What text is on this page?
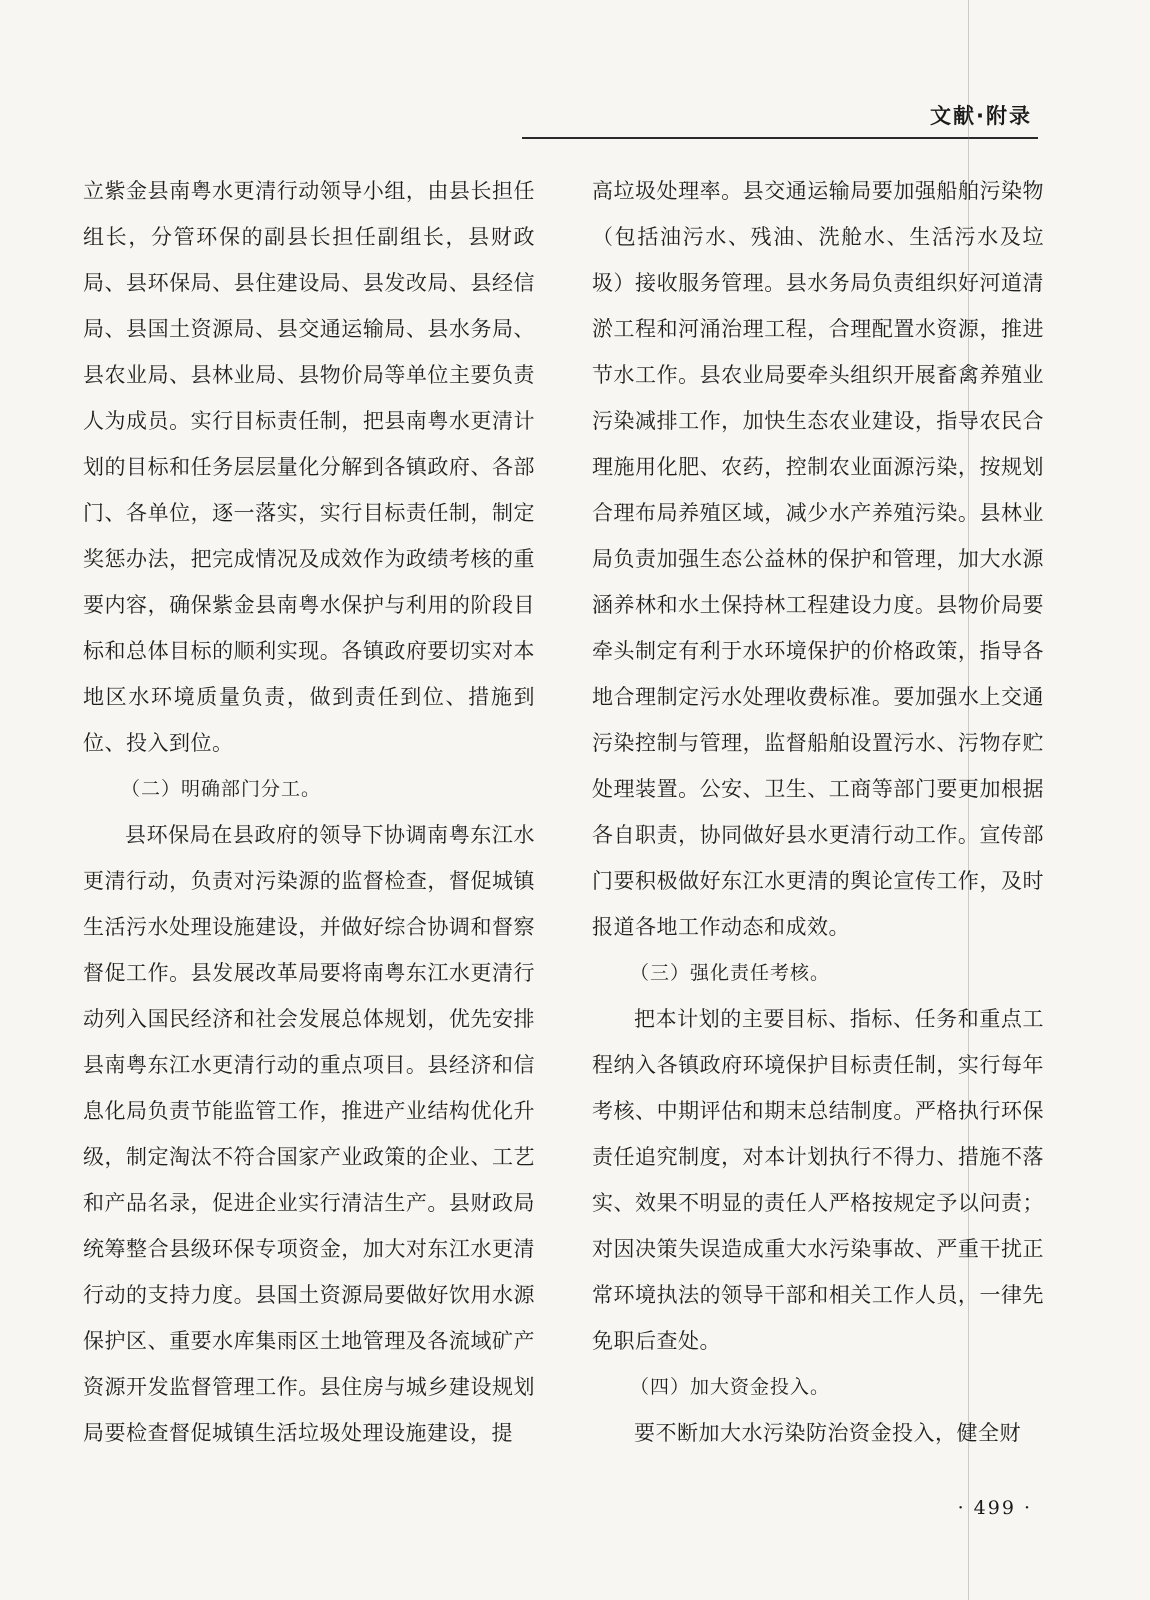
文献·附录

立紫金县南粤水更清行动领导小组，由县长担任组长，分管环保的副县长担任副组长，县财政局、县环保局、县住建设局、县发改局、县经信局、县国土资源局、县交通运输局、县水务局、县农业局、县林业局、县物价局等单位主要负责人为成员。实行目标责任制，把县南粤水更清计划的目标和任务层层量化分解到各镇政府、各部门、各单位，逐一落实，实行目标责任制，制定奖惩办法，把完成情况及成效作为政绩考核的重要内容，确保紫金县南粤水保护与利用的阶段目标和总体目标的顺利实现。各镇政府要切实对本地区水环境质量负责，做到责任到位、措施到位、投入到位。

（二）明确部门分工。

县环保局在县政府的领导下协调南粤东江水更清行动，负责对污染源的监督检查，督促城镇生活污水处理设施建设，并做好综合协调和督察督促工作。县发展改革局要将南粤东江水更清行动列入国民经济和社会发展总体规划，优先安排县南粤东江水更清行动的重点项目。县经济和信息化局负责节能监管工作，推进产业结构优化升级，制定淘汰不符合国家产业政策的企业、工艺和产品名录，促进企业实行清洁生产。县财政局统筹整合县级环保专项资金，加大对东江水更清行动的支持力度。县国土资源局要做好饮用水源保护区、重要水库集雨区土地管理及各流域矿产资源开发监督管理工作。县住房与城乡建设规划局要检查督促城镇生活垃圾处理设施建设，提

高垃圾处理率。县交通运输局要加强船舶污染物（包括油污水、残油、洗舱水、生活污水及垃圾）接收服务管理。县水务局负责组织好河道清淤工程和河涌治理工程，合理配置水资源，推进节水工作。县农业局要牵头组织开展畜禽养殖业污染减排工作，加快生态农业建设，指导农民合理施用化肥、农药，控制农业面源污染，按规划合理布局养殖区域，减少水产养殖污染。县林业局负责加强生态公益林的保护和管理，加大水源涵养林和水土保持林工程建设力度。县物价局要牵头制定有利于水环境保护的价格政策，指导各地合理制定污水处理收费标准。要加强水上交通污染控制与管理，监督船舶设置污水、污物存贮处理装置。公安、卫生、工商等部门要更加根据各自职责，协同做好县水更清行动工作。宣传部门要积极做好东江水更清的舆论宣传工作，及时报道各地工作动态和成效。

（三）强化责任考核。

把本计划的主要目标、指标、任务和重点工程纳入各镇政府环境保护目标责任制，实行每年考核、中期评估和期末总结制度。严格执行环保责任追究制度，对本计划执行不得力、措施不落实、效果不明显的责任人严格按规定予以问责；对因决策失误造成重大水污染事故、严重干扰正常环境执法的领导干部和相关工作人员，一律先免职后查处。

（四）加大资金投入。

要不断加大水污染防治资金投入，健全财

· 499 ·
